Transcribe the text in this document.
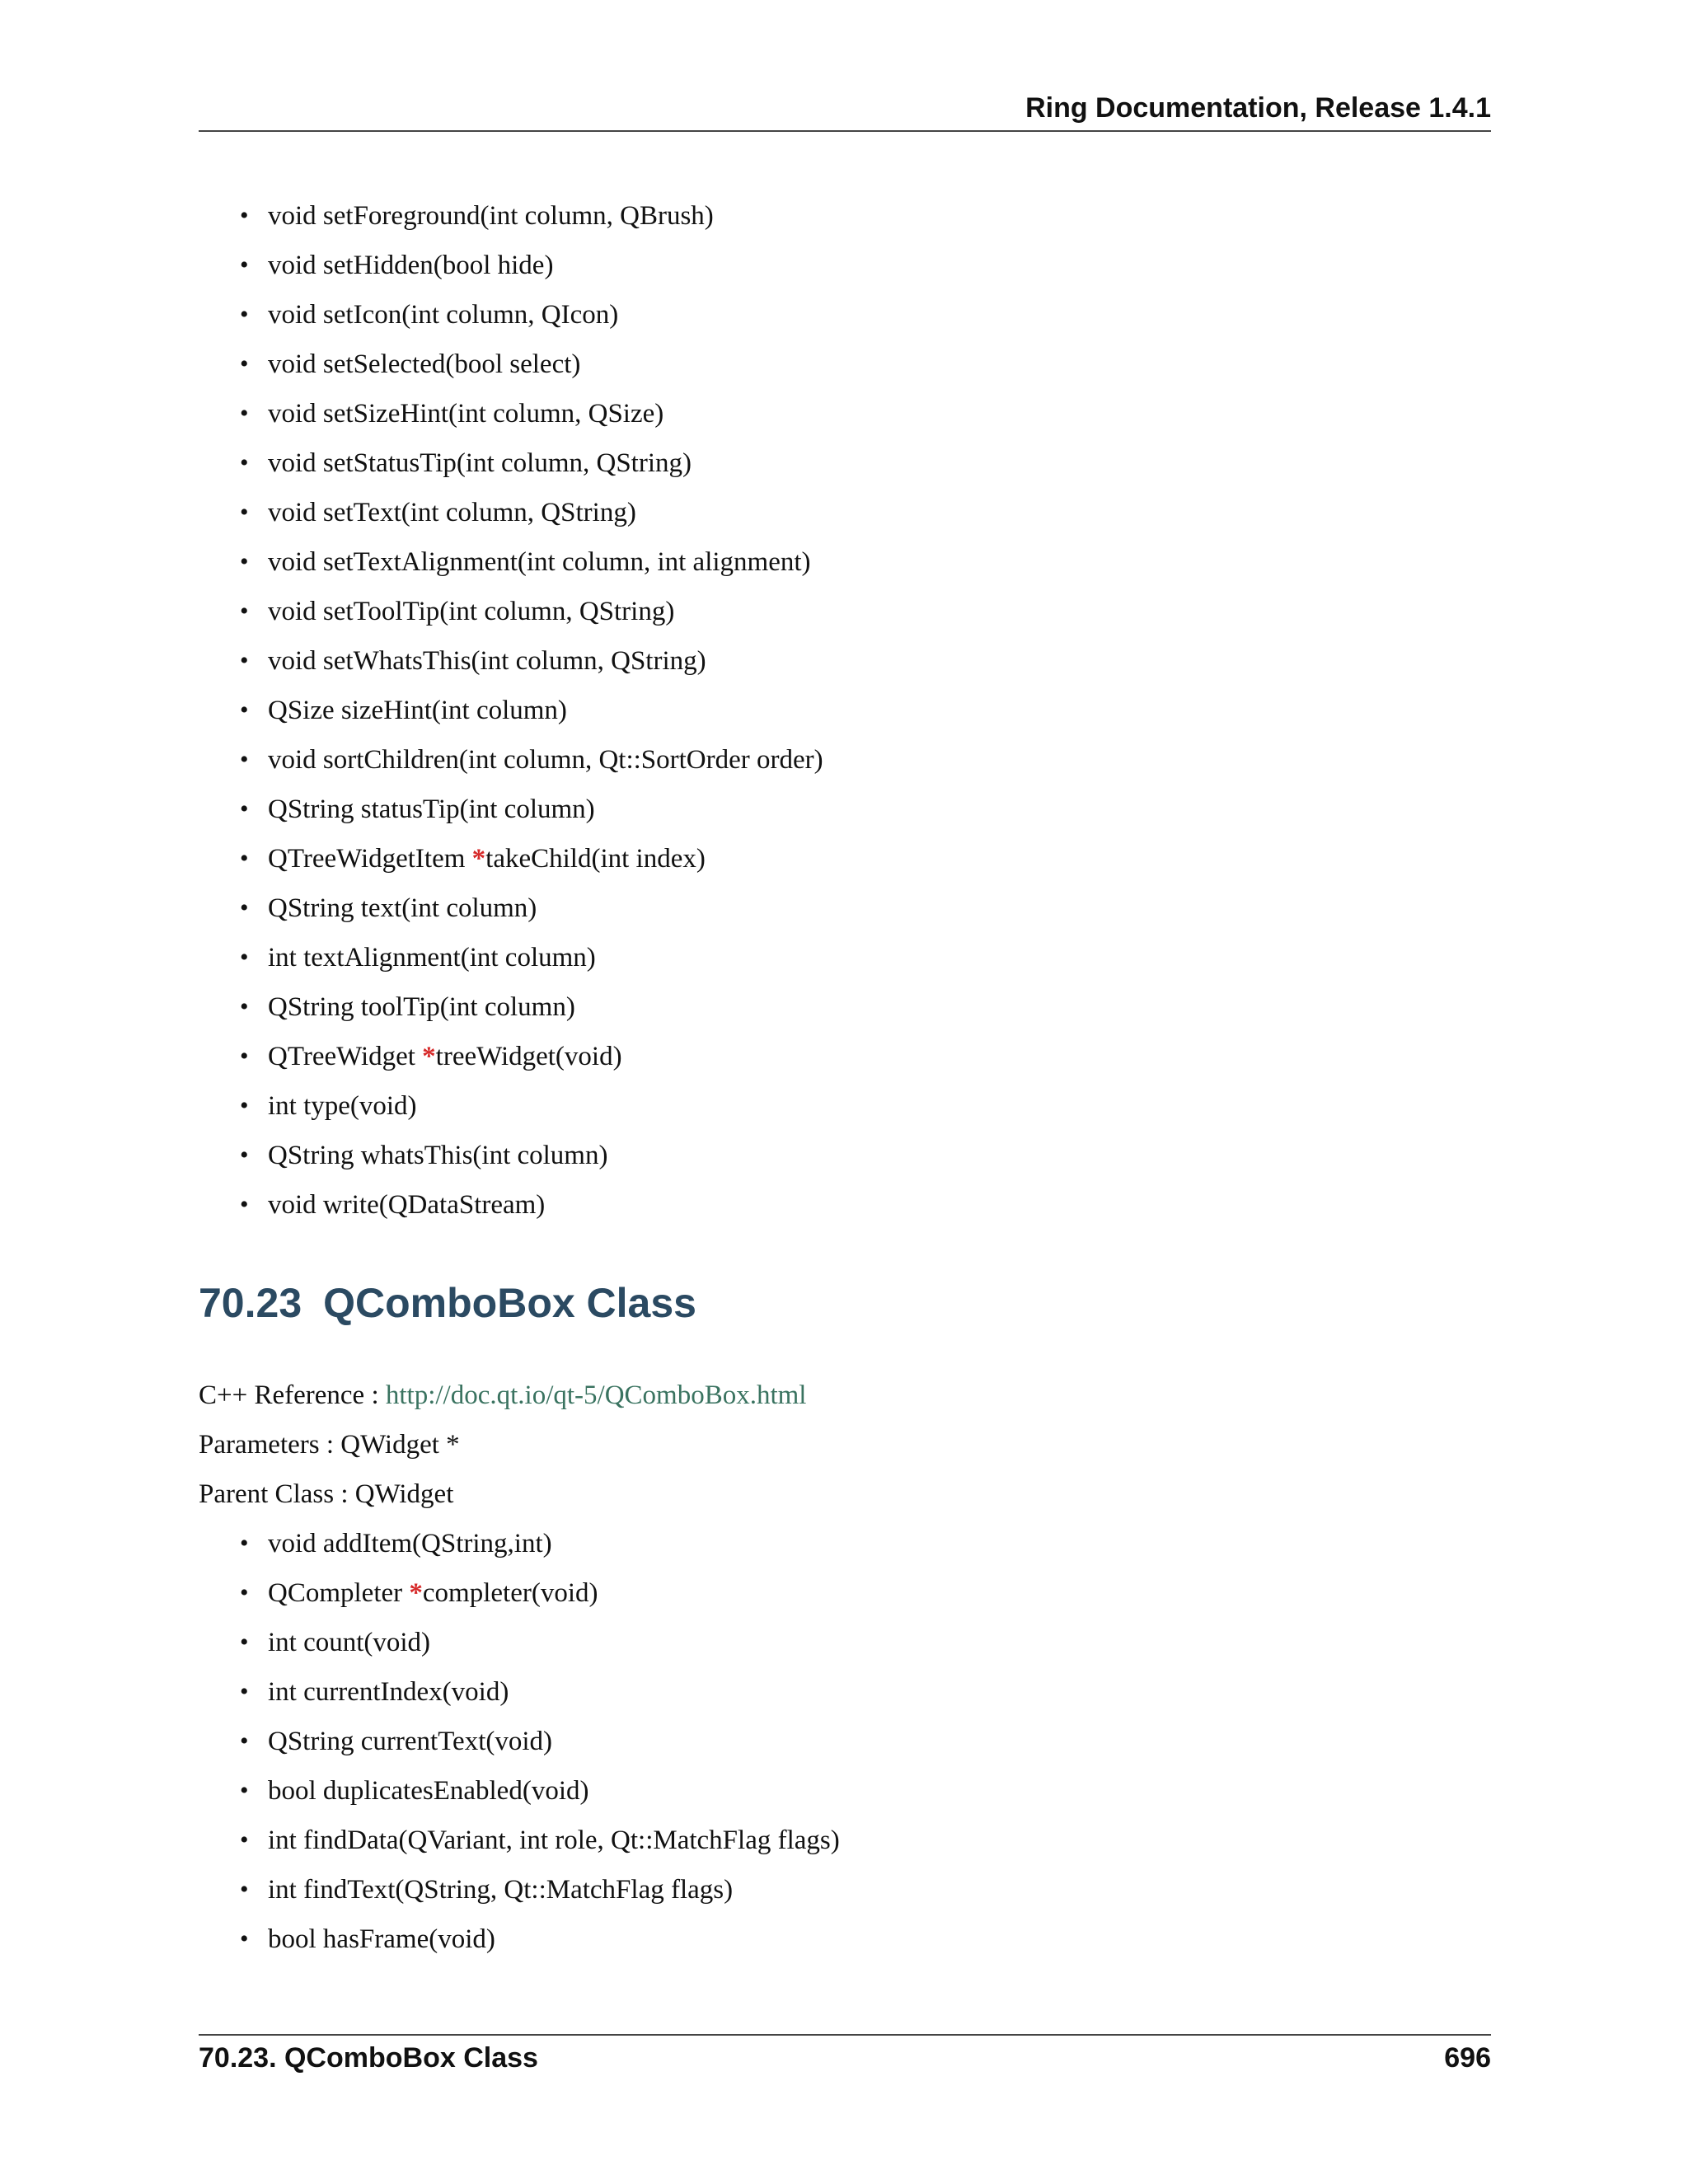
Ring Documentation, Release 1.4.1
• void setForeground(int column, QBrush)
• void setHidden(bool hide)
• void setIcon(int column, QIcon)
• void setSelected(bool select)
• void setSizeHint(int column, QSize)
• void setStatusTip(int column, QString)
• void setText(int column, QString)
• void setTextAlignment(int column, int alignment)
• void setToolTip(int column, QString)
• void setWhatsThis(int column, QString)
• QSize sizeHint(int column)
• void sortChildren(int column, Qt::SortOrder order)
• QString statusTip(int column)
• QTreeWidgetItem *takeChild(int index)
• QString text(int column)
• int textAlignment(int column)
• QString toolTip(int column)
• QTreeWidget *treeWidget(void)
• int type(void)
• QString whatsThis(int column)
• void write(QDataStream)
70.23 QComboBox Class
C++ Reference : http://doc.qt.io/qt-5/QComboBox.html
Parameters : QWidget *
Parent Class : QWidget
• void addItem(QString,int)
• QCompleter *completer(void)
• int count(void)
• int currentIndex(void)
• QString currentText(void)
• bool duplicatesEnabled(void)
• int findData(QVariant, int role, Qt::MatchFlag flags)
• int findText(QString, Qt::MatchFlag flags)
• bool hasFrame(void)
70.23. QComboBox Class	696
